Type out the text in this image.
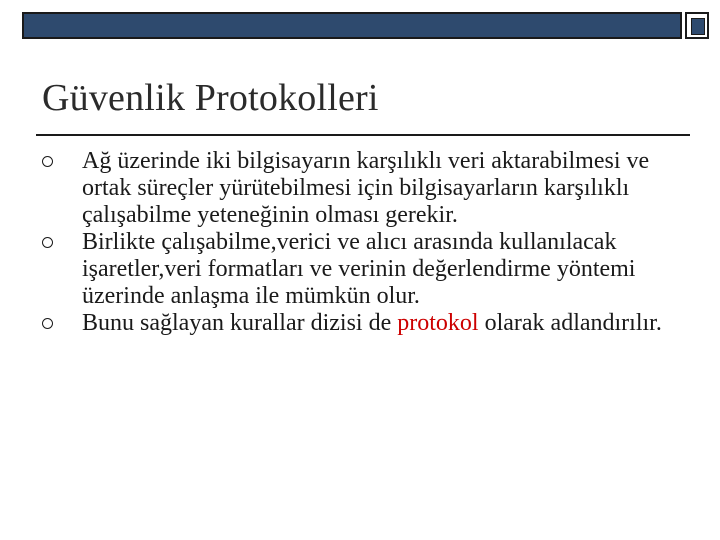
Güvenlik Protokolleri
Ağ üzerinde iki bilgisayarın karşılıklı veri aktarabilmesi ve ortak süreçler yürütebilmesi için bilgisayarların karşılıklı çalışabilme yeteneğinin olması gerekir.
Birlikte çalışabilme,verici ve alıcı arasında kullanılacak işaretler,veri formatları ve verinin değerlendirme yöntemi üzerinde anlaşma ile mümkün olur.
Bunu sağlayan kurallar dizisi de protokol olarak adlandırılır.
